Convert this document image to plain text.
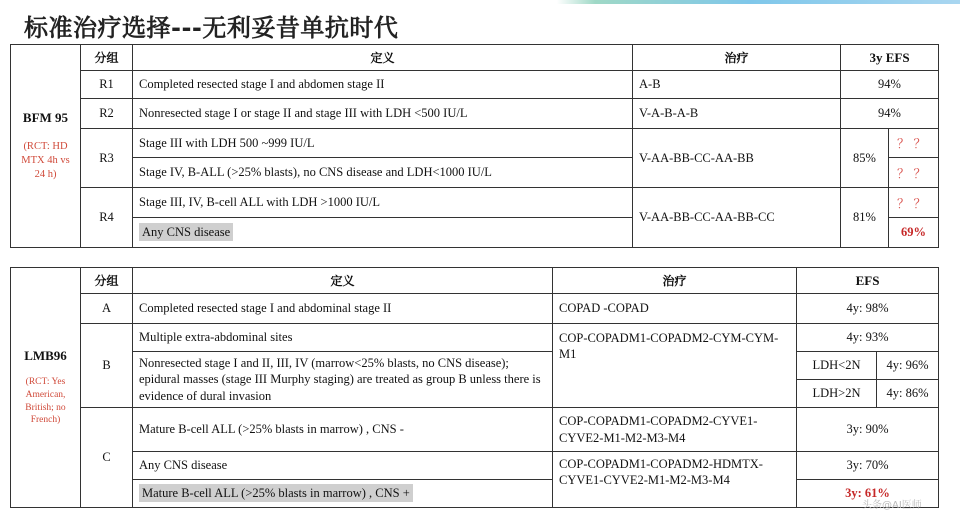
标准治疗选择---无利妥昔单抗时代
BFM 95
(RCT: HD MTX 4h vs 24 h)	分组	定义	治疗	3y EFS	
	R1	Completed resected stage I and abdomen stage II	A-B	94%	
	R2	Nonresected stage I or stage II and stage III with LDH <500 IU/L	V-A-B-A-B	94%	
	R3	Stage III with LDH 500 ~999 IU/L	V-AA-BB-CC-AA-BB	85%	？？
		Stage IV, B-ALL (>25% blasts), no CNS disease and LDH<1000 IU/L			？？
	R4	Stage III, IV, B-cell ALL with LDH >1000 IU/L	V-AA-BB-CC-AA-BB-CC	81%	？？
		Any CNS disease			69%
LMB96
(RCT: Yes American, British; no French)	分组	定义	治疗	EFS	
	A	Completed resected stage I and abdominal stage II	COPAD -COPAD	4y: 98%	
	B	Multiple extra-abdominal sites	COP-COPADM1-COPADM2-CYM-CYM-M1	4y: 93%	
		Nonresected stage I and II, III, IV (marrow<25% blasts, no CNS disease); epidural masses (stage III Murphy staging) are treated as group B unless there is evidence of dural invasion		LDH<2N	4y: 96%
				LDH>2N	4y: 86%
	C	Mature B-cell ALL (>25% blasts in marrow) , CNS -	COP-COPADM1-COPADM2-CYVE1-CYVE2-M1-M2-M3-M4	3y: 90%	
		Any CNS disease	COP-COPADM1-COPADM2-HDMTX-CYVE1-CYVE2-M1-M2-M3-M4	3y: 70%	
		Mature B-cell ALL (>25% blasts in marrow) , CNS +		3y: 61%	
头条@AI医师
